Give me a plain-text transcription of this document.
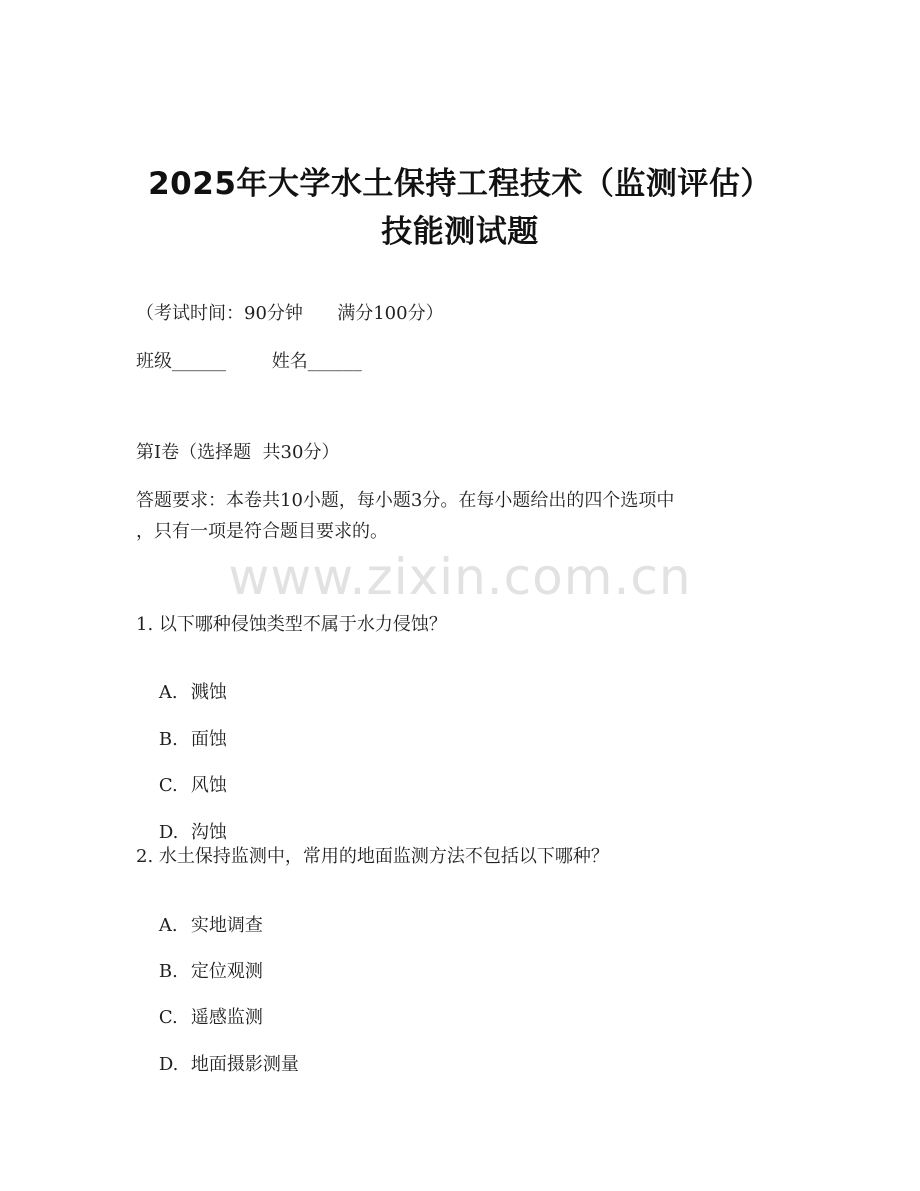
2025年大学水土保持工程技术（监测评估）
技能测试题
（考试时间：90分钟      满分100分）
班级______        姓名______
第I卷（选择题  共30分）
答题要求：本卷共10小题，每小题3分。在每小题给出的四个选项中
，只有一项是符合题目要求的。
www.zixin.com.cn
1. 以下哪种侵蚀类型不属于水力侵蚀？

A. 溅蚀

B. 面蚀

C. 风蚀

D. 沟蚀

2. 水土保持监测中，常用的地面监测方法不包括以下哪种？

A. 实地调查

B. 定位观测

C. 遥感监测

D. 地面摄影测量
